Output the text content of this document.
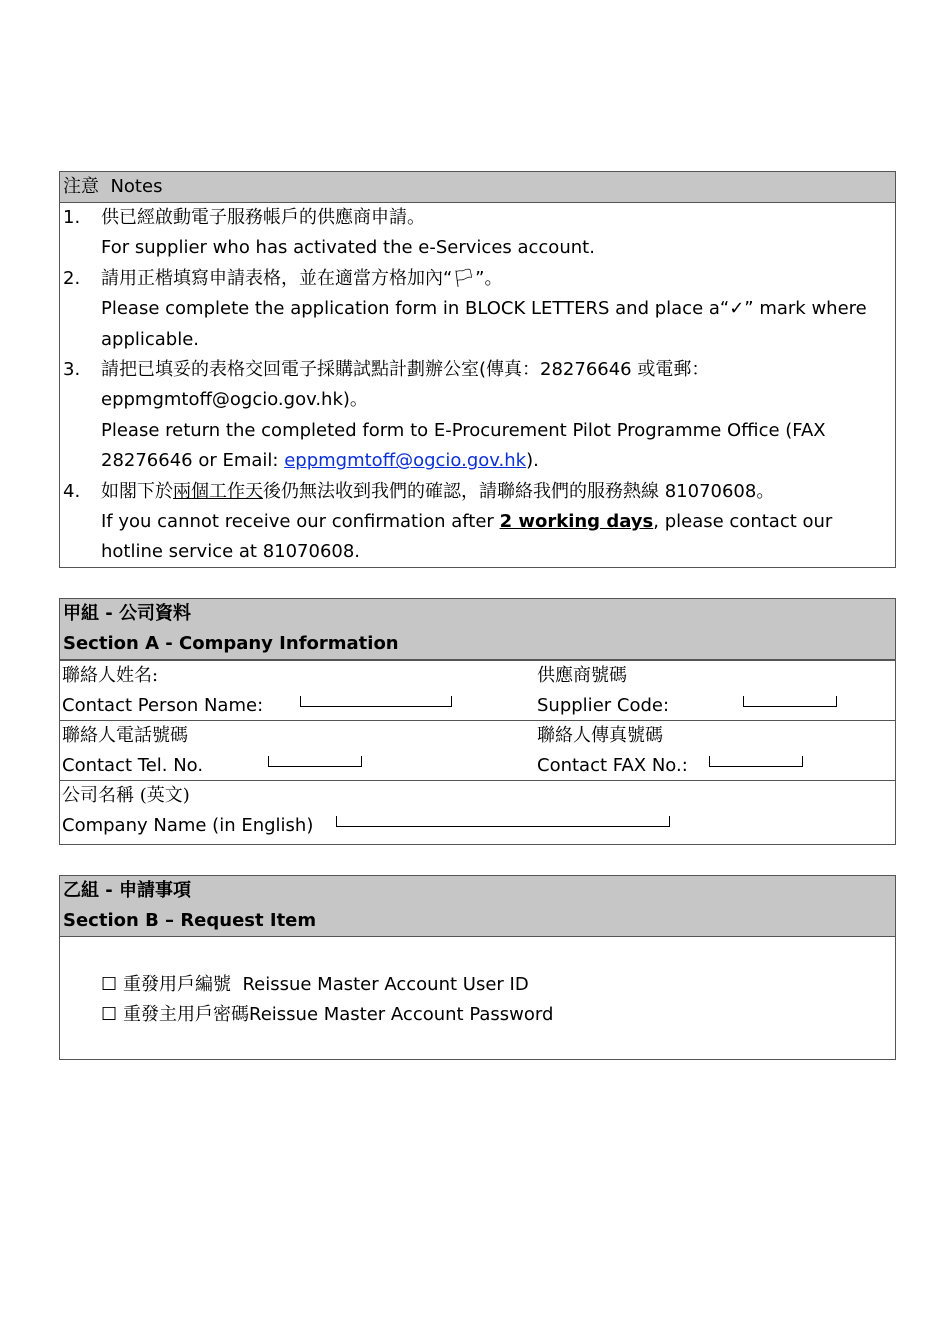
注意 Notes
1. 供已經啟動電子服務帳戶的供應商申請。
For supplier who has activated the e-Services account.
2. 請用正楷填寫申請表格，並在適當方格加內“🏳”。
Please complete the application form in BLOCK LETTERS and place a“✓” mark where applicable.
3. 請把已填妥的表格交回電子採購試點計劃辦公室(傳真：28276646 或電郵：eppmgmtoff@ogcio.gov.hk)。
Please return the completed form to E-Procurement Pilot Programme Office (FAX 28276646 or Email: eppmgmtoff@ogcio.gov.hk).
4. 如閣下於兩個工作天後仍無法收到我們的確認，請聯絡我們的服務熱線 81070608。
If you cannot receive our confirmation after 2 working days, please contact our hotline service at 81070608.
甲組 - 公司資料
Section A - Company Information
聯絡人姓名:
Contact Person Name:
供應商號碼
Supplier Code:
聯絡人電話號碼
Contact Tel. No.
聯絡人傳真號碼
Contact FAX No.:
公司名稱 (英文)
Company Name (in English)
乙組 - 申請事項
Section B – Request Item
☐ 重發用戶編號 Reissue Master Account User ID
☐ 重發主用戶密碼Reissue Master Account Password
